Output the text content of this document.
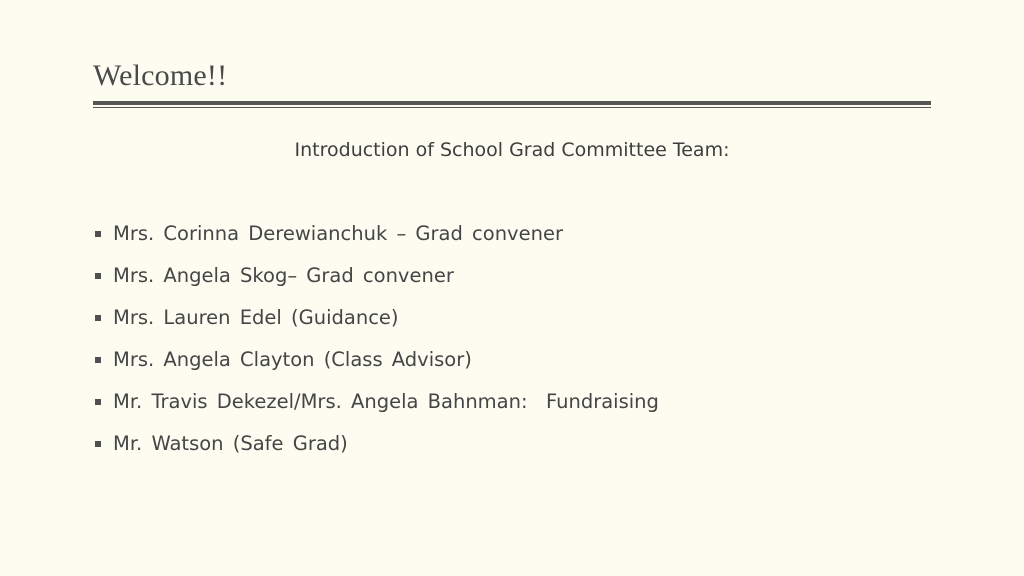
Welcome!!
Introduction of School Grad Committee Team:
Mrs. Corinna Derewianchuk – Grad convener
Mrs. Angela Skog– Grad convener
Mrs. Lauren Edel (Guidance)
Mrs. Angela Clayton (Class Advisor)
Mr. Travis Dekezel/Mrs. Angela Bahnman:  Fundraising
Mr. Watson (Safe Grad)
